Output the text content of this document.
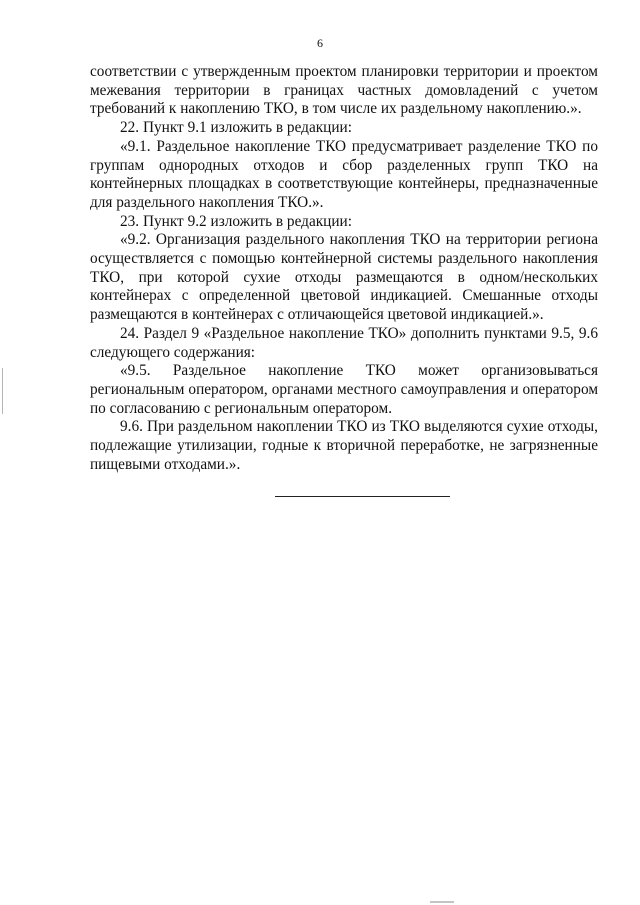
6

соответствии с утвержденным проектом планировки территории и проектом межевания территории в границах частных домовладений с учетом требований к накоплению ТКО, в том числе их раздельному накоплению.».

22. Пункт 9.1 изложить в редакции:

«9.1. Раздельное накопление ТКО предусматривает разделение ТКО по группам однородных отходов и сбор разделенных групп ТКО на контейнерных площадках в соответствующие контейнеры, предназначенные для раздельного накопления ТКО.».

23. Пункт 9.2 изложить в редакции:

«9.2. Организация раздельного накопления ТКО на территории региона осуществляется с помощью контейнерной системы раздельного накопления ТКО, при которой сухие отходы размещаются в одном/нескольких контейнерах с определенной цветовой индикацией. Смешанные отходы размещаются в контейнерах с отличающейся цветовой индикацией.».

24. Раздел 9 «Раздельное накопление ТКО» дополнить пунктами 9.5, 9.6 следующего содержания:

«9.5. Раздельное накопление ТКО может организовываться региональным оператором, органами местного самоуправления и оператором по согласованию с региональным оператором.

9.6. При раздельном накоплении ТКО из ТКО выделяются сухие отходы, подлежащие утилизации, годные к вторичной переработке, не загрязненные пищевыми отходами.».
